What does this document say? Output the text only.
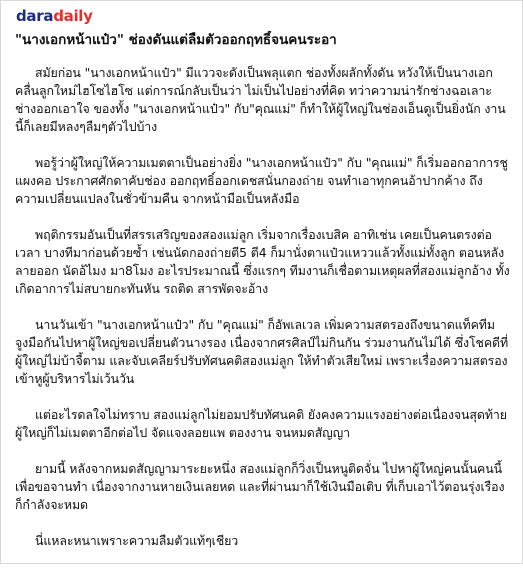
daradaily
"นางเอกหน้าแป๋ว" ช่องดันแต่ลืมตัวออกฤทธิ์จนคนระอา

สมัยก่อน "นางเอกหน้าแป๋ว" มีแววจะดังเป็นพลุแตก ช่องทั้งผลักทั้งดัน หวังให้เป็นนางเอกคลื่นลูกใหม่ไฮโซไฮโซ แต่การณ์กลับเป็นว่า ไม่เป็นไปอย่างที่คิด ทว่าความน่ารักช่างฉอเลาะ ช่างออกเอาใจ ของทั้ง "นางเอกหน้าแป๋ว" กับ"คุณแม่" ก็ทำให้ผู้ใหญ่ในช่องเอ็นดูเป็นยิ่งนัก งานนี้ก็เลยมีหลงๆลืมๆตัวไปบ้าง

พอรู้ว่าผู้ใหญ่ให้ความเมตตาเป็นอย่างยิ่ง "นางเอกหน้าแป๋ว" กับ "คุณแม่" ก็เริ่มออกอาการชูแผงคอ ประกาศศักดาคับช่อง ออกฤทธิ์ออกเดชสนั่นกองถ่าย จนทำเอาทุกคนอ้าปากค้าง ถึงความเปลี่ยนแปลงในชั่วข้ามคืน จากหน้ามือเป็นหลังมือ

พฤติกรรมอันเป็นที่สรรเสริญของสองแม่ลูก เริ่มจากเรื่องเบสิค อาทิเช่น เคยเป็นคนตรงต่อเวลา บางทีมาก่อนด้วยซ้ำ เช่นนัดกองถ่ายตี5 ตี4 ก็มานั่งตาแป๋วแหววแล้วทั้งแม่ทั้งลูก ตอนหลังลายออก นัดอ้ไมง มา8โมง อะไรประมาณนี้ ซึ่งแรกๆ ทีมงานก็เชื่อตามเหตุผลที่สองแม่ลูกอ้าง ทั้งเกิดอาการไม่สบายกะทันหัน รถติด สารพัดจะอ้าง

นานวันเข้า "นางเอกหน้าแป๋ว" กับ "คุณแม่" ก็อัพเลเวล เพิ่มความสตรองถึงขนาดแท็คทีม จูงมือกันไปหาผู้ใหญ่ขอเปลี่ยนตัวนางรอง เนื่องจากศรศิลป์ไม่กินกัน ร่วมงานกันไม่ได้ ซึ่งโชคดีที่ผู้ใหญ่ไม่บ้าจี้ตาม และจับเคลียร์ปรับทัศนคติสองแม่ลูก ให้ทำตัวเสียใหม่ เพราะเรื่องความสตรองเข้าหูผู้บริหารไม่เว้นวัน

แต่อะไรดลใจไม่ทราบ สองแม่ลูกไม่ยอมปรับทัศนคติ ยังคงความแรงอย่างต่อเนื่องจนสุดท้ายผู้ใหญ่ก็ไม่เมตตาอีกต่อไป จัดแจงลอยแพ ตองงาน จนหมดสัญญา

ยามนี้ หลังจากหมดสัญญามาระยะหนึ่ง สองแม่ลูกก็วิ่งเป็นหนูติดจั่น ไปหาผู้ใหญ่คนนั้นคนนี้ เพื่อขอจานทำ เนื่องจากงานหายเงินเลยหด และที่ผ่านมาก็ใช้เงินมือเติบ ที่เก็บเอาไว้ตอนรุ่งเรืองก็กำลังจะหมด

นี่แหละหนาเพราะความลืมตัวแท้ๆเชียว
